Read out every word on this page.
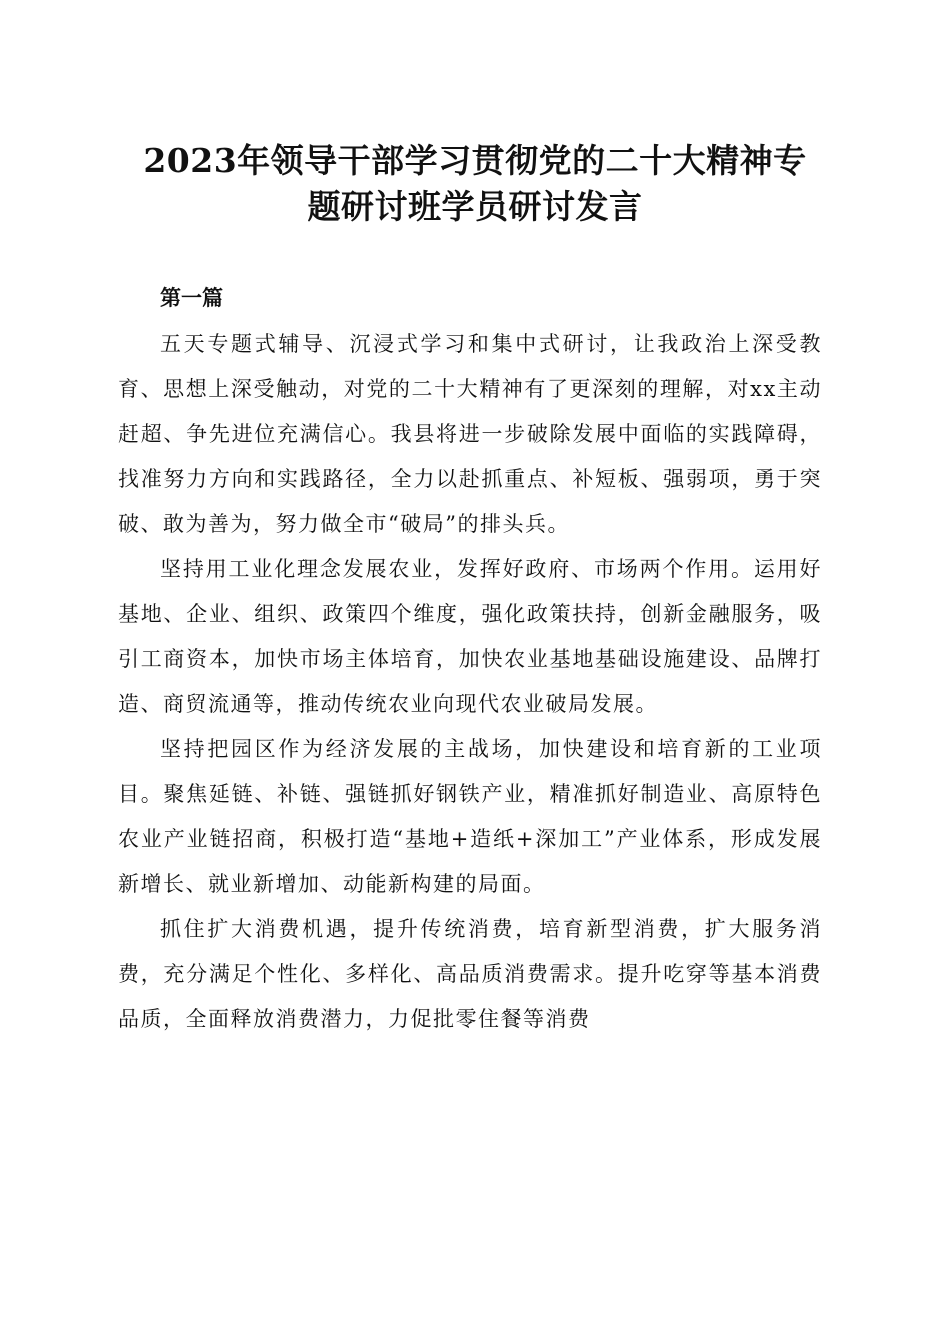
2023年领导干部学习贯彻党的二十大精神专
题研讨班学员研讨发言
第一篇

五天专题式辅导、沉浸式学习和集中式研讨，让我政治上深受教育、思想上深受触动，对党的二十大精神有了更深刻的理解，对xx主动赶超、争先进位充满信心。我县将进一步破除发展中面临的实践障碍，找准努力方向和实践路径，全力以赴抓重点、补短板、强弱项，勇于突破、敢为善为，努力做全市“破局”的排头兵。

坚持用工业化理念发展农业，发挥好政府、市场两个作用。运用好基地、企业、组织、政策四个维度，强化政策扶持，创新金融服务，吸引工商资本，加快市场主体培育，加快农业基地基础设施建设、品牌打造、商贸流通等，推动传统农业向现代农业破局发展。

坚持把园区作为经济发展的主战场，加快建设和培育新的工业项目。聚焦延链、补链、强链抓好钢铁产业，精准抓好制造业、高原特色农业产业链招商，积极打造“基地+造纸+深加工”产业体系，形成发展新增长、就业新增加、动能新构建的局面。

抓住扩大消费机遇，提升传统消费，培育新型消费，扩大服务消费，充分满足个性化、多样化、高品质消费需求。提升吃穿等基本消费品质，全面释放消费潜力，力促批零住餐等消费
